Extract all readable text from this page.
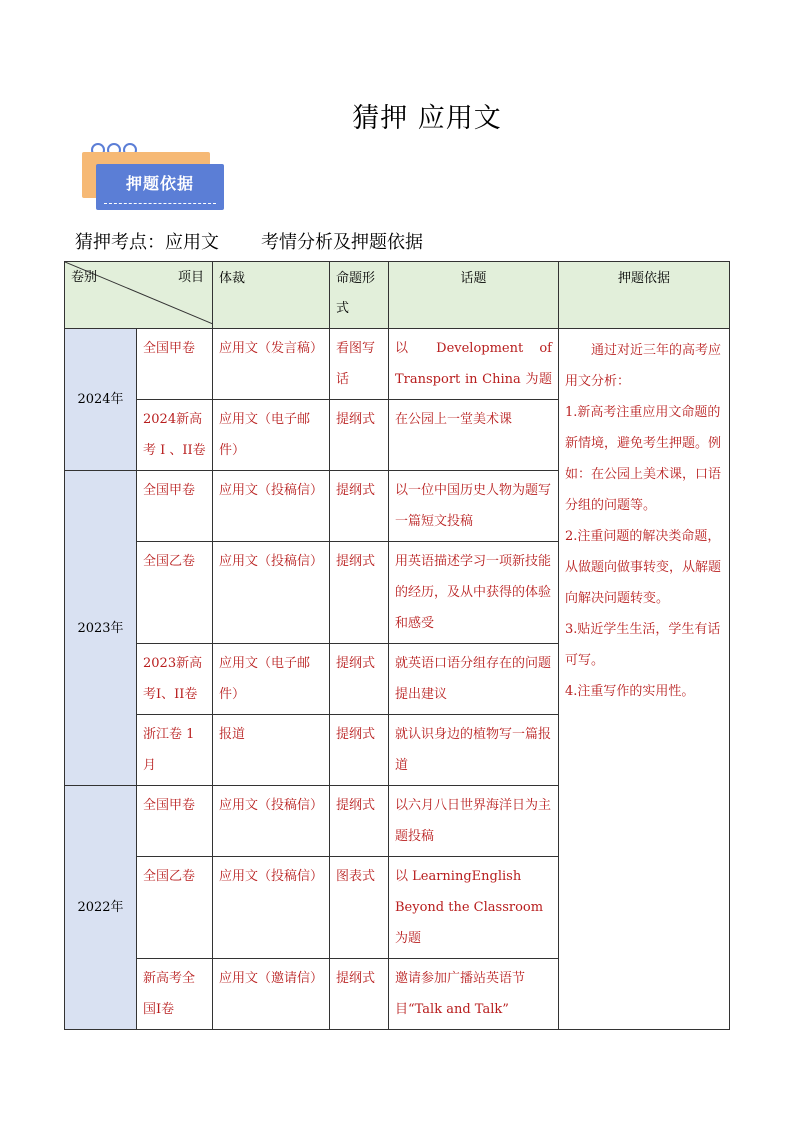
猜押 应用文
押题依据
猜押考点：应用文 考情分析及押题依据
卷别 项目		体裁	命题形式	话题	押题依据
2024年	全国甲卷	应用文（发言稿）	看图写话	以 Development of Transport in China 为题	通过对近三年的高考应用文分析：

1.新高考注重应用文命题的新情境，避免考生押题。例如：在公园上美术课，口语分组的问题等。

2.注重问题的解决类命题，从做题向做事转变，从解题向解决问题转变。

3.贴近学生生活，学生有话可写。

4.注重写作的实用性。

	2024新高考 I 、II卷	应用文（电子邮件）	提纲式	在公园上一堂美术课	
2023年	全国甲卷	应用文（投稿信）	提纲式	以一位中国历史人物为题写一篇短文投稿	
	全国乙卷	应用文（投稿信）	提纲式	用英语描述学习一项新技能的经历，及从中获得的体验和感受	
	2023新高考I、II卷	应用文（电子邮件）	提纲式	就英语口语分组存在的问题提出建议	
	浙江卷 1月	报道	提纲式	就认识身边的植物写一篇报道	
2022年	全国甲卷	应用文（投稿信）	提纲式	以六月八日世界海洋日为主题投稿	
	全国乙卷	应用文（投稿信）	图表式	以 LearningEnglish Beyond the Classroom 为题	
	新高考全国I卷	应用文（邀请信）	提纲式	邀请参加广播站英语节目“Talk and Talk”	
